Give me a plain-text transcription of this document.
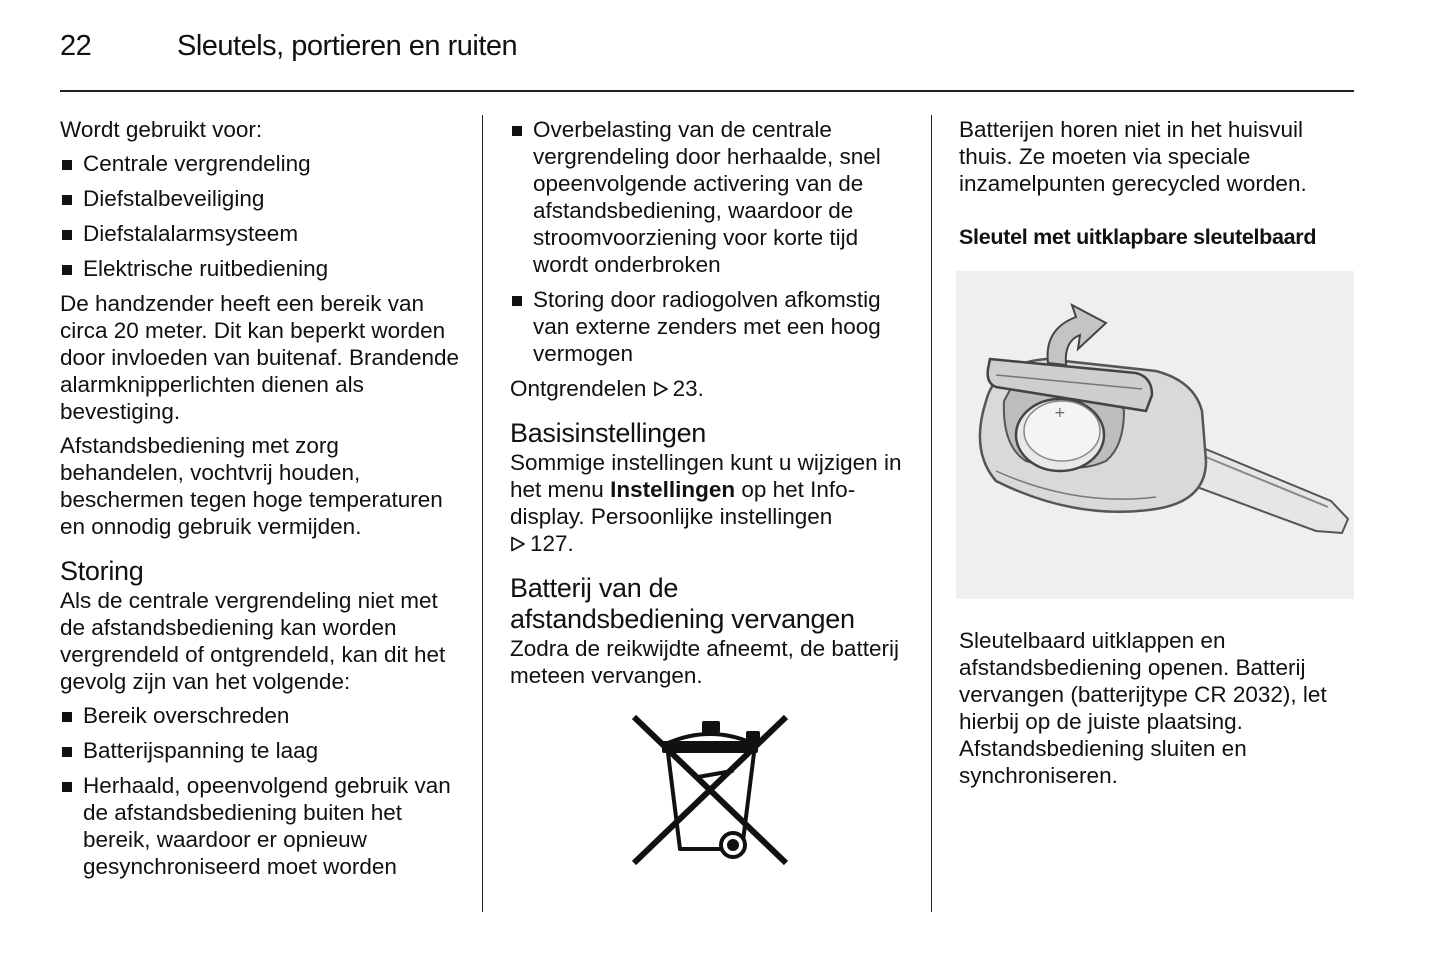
22	Sleutels, portieren en ruiten

Wordt gebruikt voor:

Centrale vergrendeling
Diefstalbeveiliging
Diefstalalarmsysteem
Elektrische ruitbediening

De handzender heeft een bereik van circa 20 meter. Dit kan beperkt worden door invloeden van buitenaf. Brandende alarmknipperlichten dienen als bevestiging.

Afstandsbediening met zorg behandelen, vochtvrij houden, beschermen tegen hoge temperaturen en onnodig gebruik vermijden.

Storing

Als de centrale vergrendeling niet met de afstandsbediening kan worden vergrendeld of ontgrendeld, kan dit het gevolg zijn van het volgende:

Bereik overschreden
Batterijspanning te laag
Herhaald, opeenvolgend gebruik van de afstandsbediening buiten het bereik, waardoor er opnieuw gesynchroniseerd moet worden
Overbelasting van de centrale vergrendeling door herhaalde, snel opeenvolgende activering van de afstandsbediening, waardoor de stroomvoorziening voor korte tijd wordt onderbroken
Storing door radiogolven afkomstig van externe zenders met een hoog vermogen

Ontgrendelen 23.

Basisinstellingen

Sommige instellingen kunt u wijzigen in het menu Instellingen op het Info-display. Persoonlijke instellingen
127.

Batterij van de afstandsbediening vervangen

Zodra de reikwijdte afneemt, de batterij meteen vervangen.

Batterijen horen niet in het huisvuil thuis. Ze moeten via speciale inzamelpunten gerecycled worden.

Sleutel met uitklapbare sleutelbaard
+

Sleutelbaard uitklappen en afstandsbediening openen. Batterij vervangen (batterijtype CR 2032), let hierbij op de juiste plaatsing. Afstandsbediening sluiten en synchroniseren.
